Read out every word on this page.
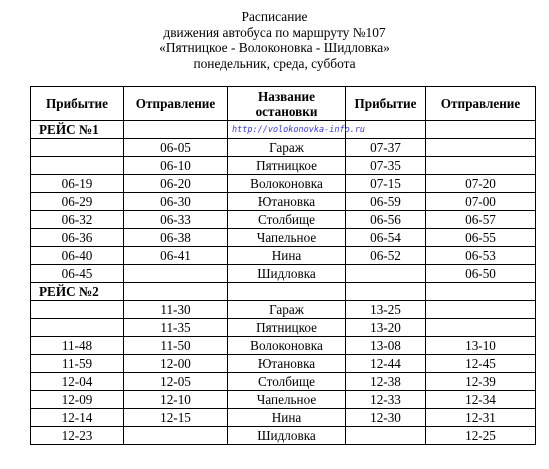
Расписание
движения автобуса по маршруту №107
«Пятницкое - Волоконовка - Шидловка»
понедельник, среда, суббота
Прибытие	Отправление	Название остановки	Прибытие	Отправление
РЕЙС №1		http://volokonovka-info.ru		
	06-05	Гараж	07-37	
	06-10	Пятницкое	07-35	
06-19	06-20	Волоконовка	07-15	07-20
06-29	06-30	Ютановка	06-59	07-00
06-32	06-33	Столбище	06-56	06-57
06-36	06-38	Чапельное	06-54	06-55
06-40	06-41	Нина	06-52	06-53
06-45		Шидловка		06-50
РЕЙС №2				
	11-30	Гараж	13-25	
	11-35	Пятницкое	13-20	
11-48	11-50	Волоконовка	13-08	13-10
11-59	12-00	Ютановка	12-44	12-45
12-04	12-05	Столбище	12-38	12-39
12-09	12-10	Чапельное	12-33	12-34
12-14	12-15	Нина	12-30	12-31
12-23		Шидловка		12-25
